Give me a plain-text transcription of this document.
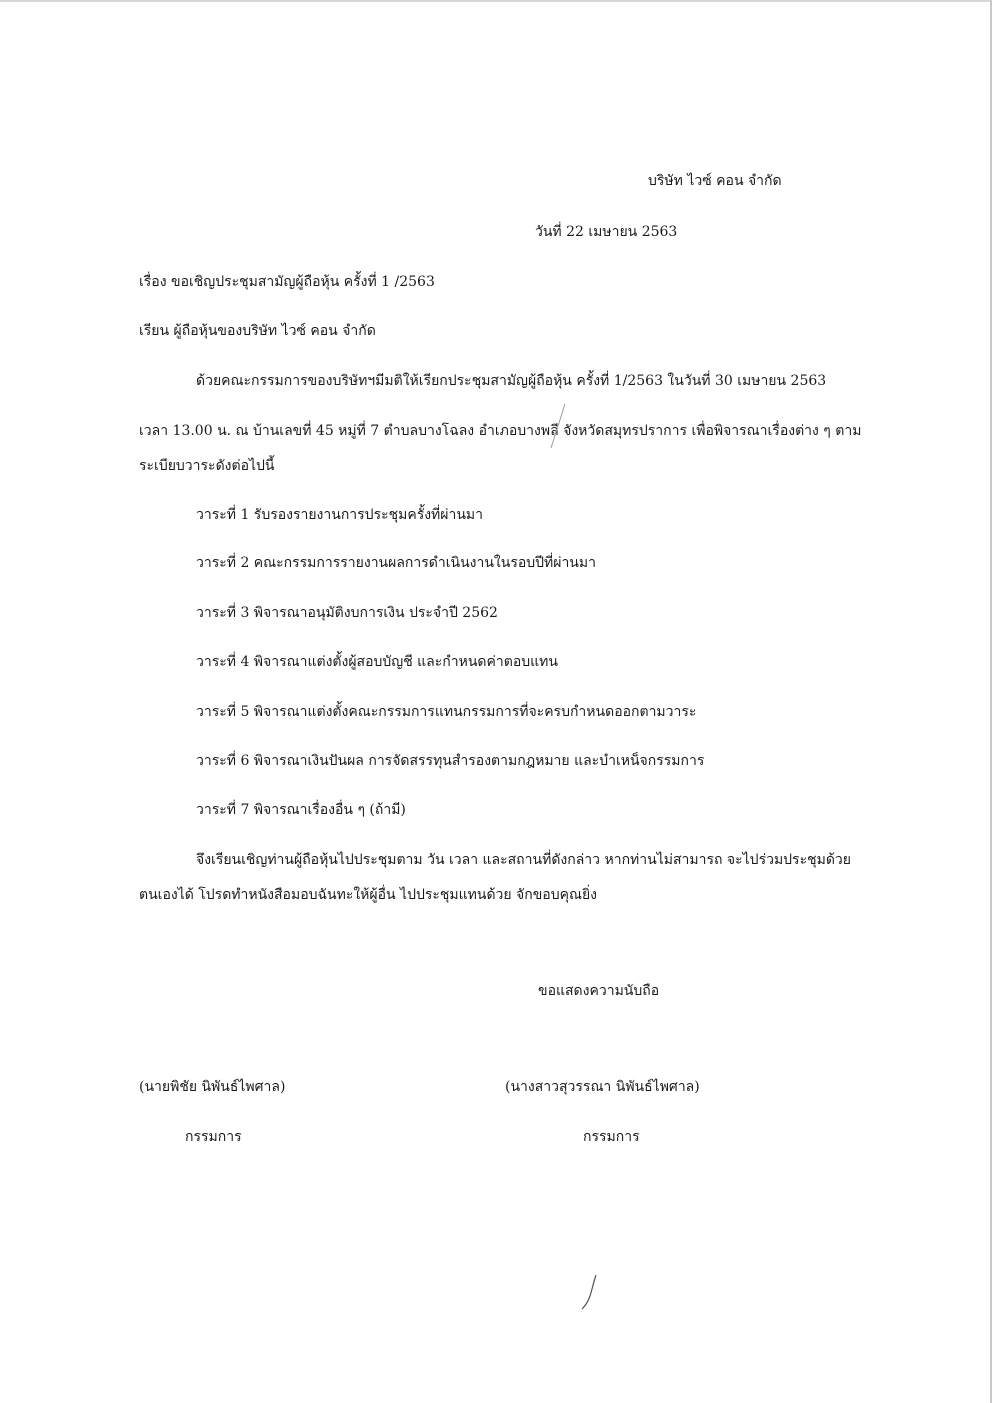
บริษัท ไวซ์ คอน จำกัด
วันที่ 22 เมษายน 2563
เรื่อง ขอเชิญประชุมสามัญผู้ถือหุ้น ครั้งที่ 1 /2563
เรียน ผู้ถือหุ้นของบริษัท ไวซ์ คอน จำกัด
ด้วยคณะกรรมการของบริษัทฯมีมติให้เรียกประชุมสามัญผู้ถือหุ้น ครั้งที่ 1/2563 ในวันที่ 30 เมษายน 2563
เวลา 13.00 น. ณ บ้านเลขที่ 45 หมู่ที่ 7 ตำบลบางโฉลง อำเภอบางพลี จังหวัดสมุทรปราการ เพื่อพิจารณาเรื่องต่าง ๆ ตาม
ระเบียบวาระดังต่อไปนี้
วาระที่ 1 รับรองรายงานการประชุมครั้งที่ผ่านมา
วาระที่ 2 คณะกรรมการรายงานผลการดำเนินงานในรอบปีที่ผ่านมา
วาระที่ 3 พิจารณาอนุมัติงบการเงิน ประจำปี 2562
วาระที่ 4 พิจารณาแต่งตั้งผู้สอบบัญชี และกำหนดค่าตอบแทน
วาระที่ 5 พิจารณาแต่งตั้งคณะกรรมการแทนกรรมการที่จะครบกำหนดออกตามวาระ
วาระที่ 6 พิจารณาเงินปันผล การจัดสรรทุนสำรองตามกฎหมาย และบำเหน็จกรรมการ
วาระที่ 7 พิจารณาเรื่องอื่น ๆ (ถ้ามี)
จึงเรียนเชิญท่านผู้ถือหุ้นไปประชุมตาม วัน เวลา และสถานที่ดังกล่าว หากท่านไม่สามารถ จะไปร่วมประชุมด้วย
ตนเองได้ โปรดทำหนังสือมอบฉันทะให้ผู้อื่น ไปประชุมแทนด้วย จักขอบคุณยิ่ง
ขอแสดงความนับถือ
(นายพิชัย นิพันธ์ไพศาล)
กรรมการ
(นางสาวสุวรรณา นิพันธ์ไพศาล)
กรรมการ
